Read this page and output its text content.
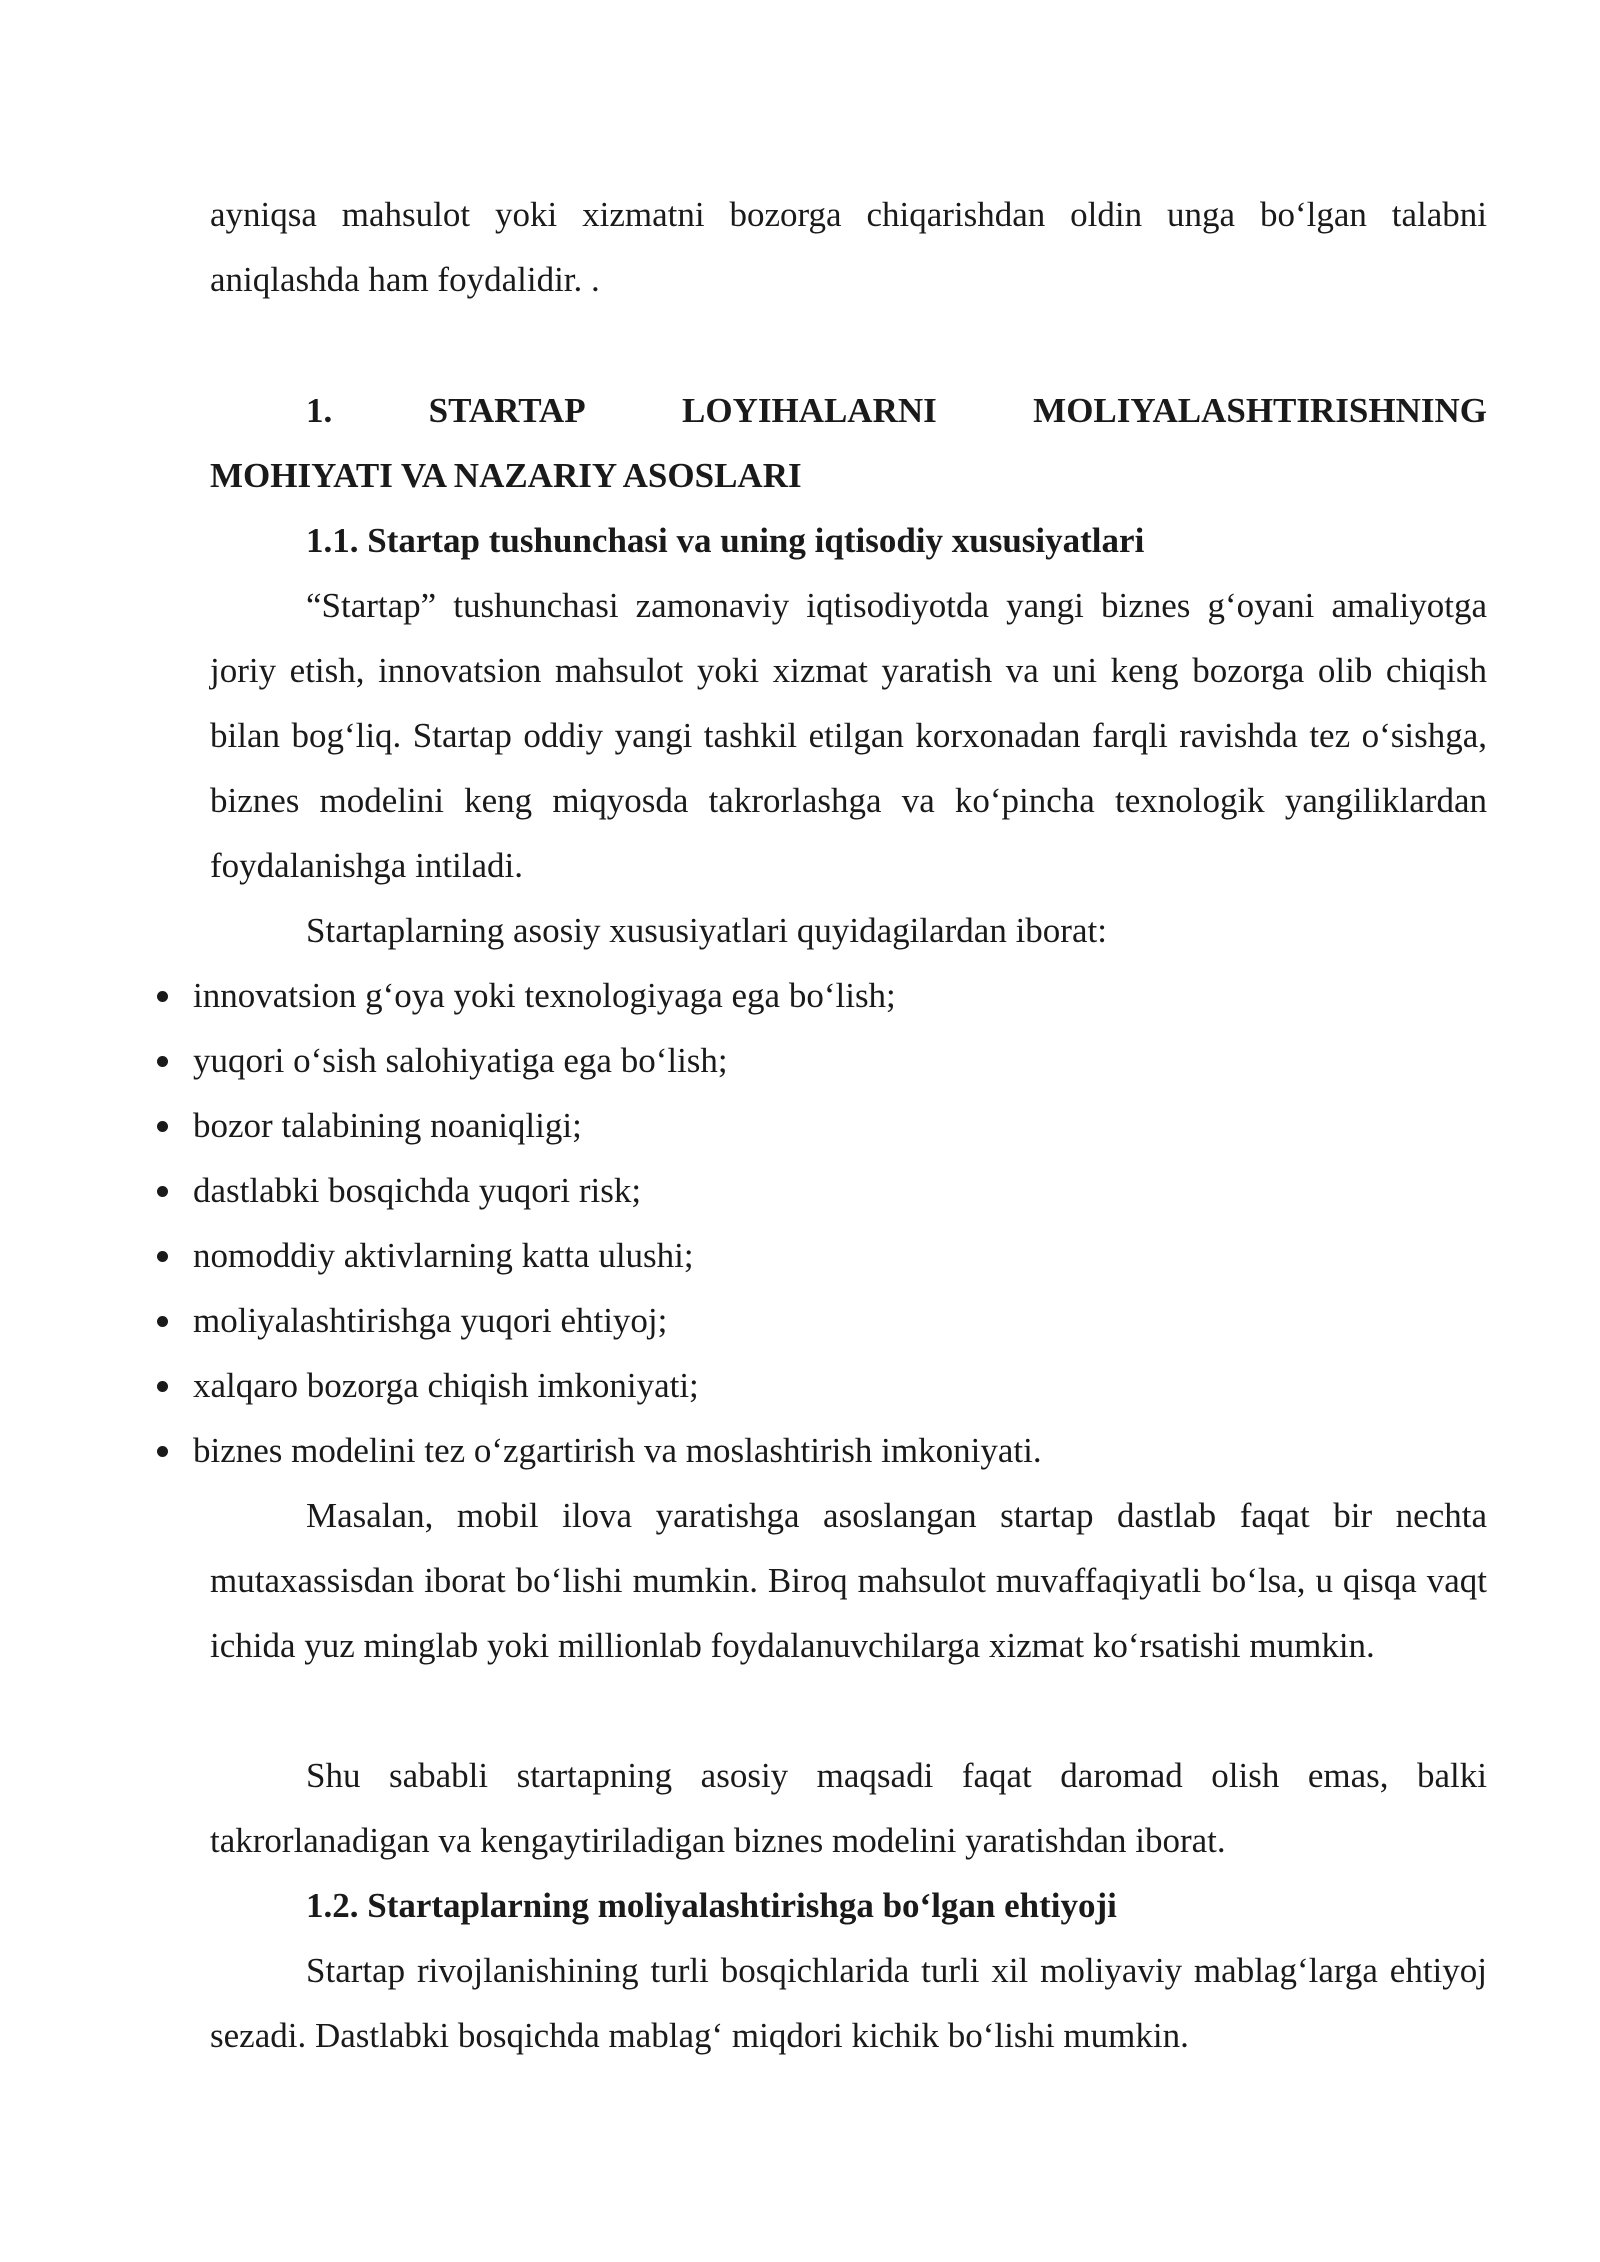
ayniqsa mahsulot yoki xizmatni bozorga chiqarishdan oldin unga bo‘lgan talabni aniqlashda ham foydalidir. .
1.	STARTAP	LOYIHALARNI	MOLIYALASHTIRISHNING
MOHIYATI VA NAZARIY ASOSLARI
1.1. Startap tushunchasi va uning iqtisodiy xususiyatlari
“Startap” tushunchasi zamonaviy iqtisodiyotda yangi biznes g‘oyani amaliyotga joriy etish, innovatsion mahsulot yoki xizmat yaratish va uni keng bozorga olib chiqish bilan bog‘liq. Startap oddiy yangi tashkil etilgan korxonadan farqli ravishda tez o‘sishga, biznes modelini keng miqyosda takrorlashga va ko‘pincha texnologik yangiliklardan foydalanishga intiladi.
Startaplarning asosiy xususiyatlari quyidagilardan iborat:
innovatsion g‘oya yoki texnologiyaga ega bo‘lish;
yuqori o‘sish salohiyatiga ega bo‘lish;
bozor talabining noaniqligi;
dastlabki bosqichda yuqori risk;
nomoddiy aktivlarning katta ulushi;
moliyalashtirishga yuqori ehtiyoj;
xalqaro bozorga chiqish imkoniyati;
biznes modelini tez o‘zgartirish va moslashtirish imkoniyati.
Masalan, mobil ilova yaratishga asoslangan startap dastlab faqat bir nechta mutaxassisdan iborat bo‘lishi mumkin. Biroq mahsulot muvaffaqiyatli bo‘lsa, u qisqa vaqt ichida yuz minglab yoki millionlab foydalanuvchilarga xizmat ko‘rsatishi mumkin.
Shu sababli startapning asosiy maqsadi faqat daromad olish emas, balki takrorlanadigan va kengaytiriladigan biznes modelini yaratishdan iborat.
1.2. Startaplarning moliyalashtirishga bo‘lgan ehtiyoji
Startap rivojlanishining turli bosqichlarida turli xil moliyaviy mablag‘larga ehtiyoj sezadi. Dastlabki bosqichda mablag‘ miqdori kichik bo‘lishi mumkin.
